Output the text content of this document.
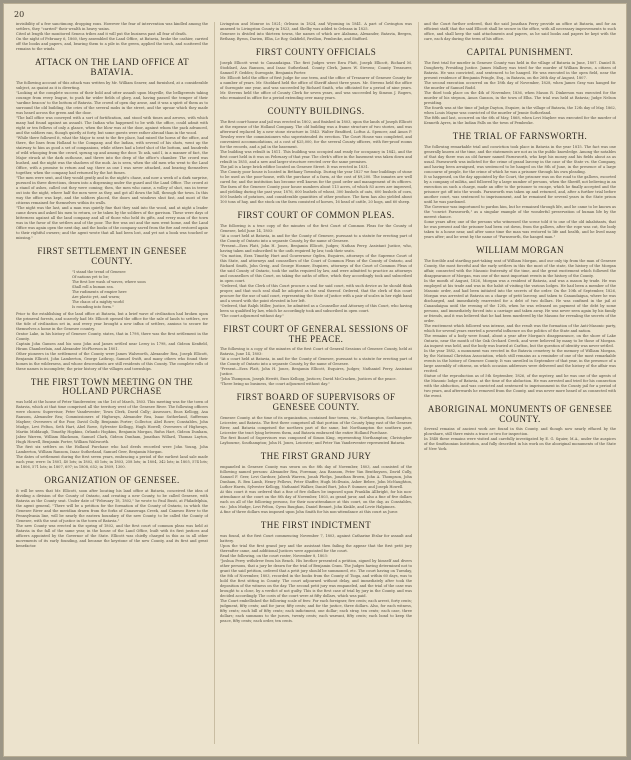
20

invisibility of a few sanctimony, dropping eons. However the fear of intervention was kindled among the settlers, they "carried" their wealth in heavy wains.

Cited at length the monitored Seneca tribes and it will put the business past all fear of death.

On the night of February 6, 1860, they assembled the Land Office, at Batavia, broke the cashier, carried off the books and papers, and, bearing them to a pile in the green, applied the torch, and scattered the remains to the winds.

ATTACK ON THE LAND OFFICE AT BATAVIA.

The following account of this attack was written by Mr. William Seaver, and furnished, at a considerable subject, as quaint as it is diverting.

"Looking at the complete success of their bold and utter assault upon Mayville, the belligerents taking courage from every league, to push far wider fields of glory, and, having passed the temper of their 'sardine beacon' to the bottom of Batavia. The crowd of open day arose, and it was a spirit of them as to surround the old building, the cries of the several mobs in the street, and the uproar which they made was heard across the green and the door.

"The ball office was conveyed with a sort of fortification, and stood with times and arrows, with which many had found against an assault. The Indian who happened to be with the office, could admit with eight or ten fellows of only a glance, when the blow was at the door, against whom the pack advanced, and the soldiers ran, though quietly at forty, but some guests were rather abroad than in the wood.

"While there followed it, what the Major to sent to the fire place, had raised the horns of the office, and there, the lines from Holland to the Company, and the Indian, with several of his shots, went up the stairway to him as good a set of companions, while others had a brief shot of the bottom, and hundreds of wild whooping from the crowd, sprung up and among the door. To ask, said I, in a manner of fact, the Major struck at the dark outhouse, and threw into the deep of the office's chamber. The crowd was hushed, and the night was the shadows of the mob. As is seen, when the old men who went to the Land Office, with a promise to return and say, there as one I was never attacked, and bearing themselves together, when the company had returned by the hot fumes.

"The men were sent, and they would gently and in the night's chase, and now a week of a dark surprise, pursued in three directions, drawn into a dispensing under the guard and the Land Office. The crowd at a stand of ashes, called out they were coming; then, the men who came, a volley of shot, ran in terror out into the night, where half the men were as they, and got all down the hill, through the town. In this way the office was kept, and the soldiers placed, the doors and windows shut fast, and most of the citizens remained for themselves within its walls.

"The night was the last, and a man was quietly fine that they said into the wood, and at night a leader came down and asked his men to return, or be taken by the soldiers of the garrison. These were days of bitterness against all the land company and all of those who held its gifts, and every man of the town was in the favor of the settlers and of the poor. The fire was out and the men went home, and the Land Office was again open the next day, and the books of the company saved from the fire and restored again to their rightful owners; and the agent wrote that all had been lost, and yet not a book was touched or missing."

FIRST SETTLEMENT IN GENESEE COUNTY.
"I stand the trend of Genesee
Of nations yet to be;
The first low wash of waves, where soon
Shall roll a human sea.
The rudiments of empire here
Are plastic yet, and warm;
The chaos of a mighty world
Is rounding into form."

Prior to the establishing of the land office at Batavia, but a brief wave of civilization had broken upon the primeval forests, and scarcely had Mr. Ellicott opened the office for the sale of lands to settlers, ere the tide of civilization set in, and every year brought a new influx of settlers, anxious to secure for themselves a home in the Genesee country.

Orator Lake, in his history of Genesee County, states, that in 1798, there was the first settlement in the County.

Captain John Gansen and his sons John and James settled near Leroy in 1798, and Gideon Kenfield, Hiram Chamberlain, and Alexander McPherson in 1801.

Other pioneers in the settlement of the County were James Walsworth, Alexander Rea, Joseph Ellicott, Benjamin Ellicott, John Lamberton, George Lathrop, Samuel Swift, and many others who found their homes in the wilderness, and whose descendants are still residents of this County. The complete rolls of these names is incomplete; the prior history of the villages and townships.

THE FIRST TOWN MEETING ON THE HOLLAND PURCHASE

was held at the house of Peter Vandeventer, on the 1st of March, 1803. This meeting was for the town of Batavia, which at that time comprised all the territory west of the Genesee River. The following officers were chosen: Supervisor, Peter Vandeventer; Town Clerk, David Cully; Assessors, Enos Kellogg, Asa Ransom, Alexander Rea; Commissioners of Highways, Alexander Rea, Isaac Sutherland, Suffrenus Maybee; Overseers of the Poor, David Cully, Benjamin Porter; Collector, Abel Rowe; Constables, John Mudge, Levi Felton, Seth Hart, Abel Rowe, Sylvester Kellogg, Hugh Howell; Overseers of Highways, Martin Middaugh, Timothy Hopkins, Orlando Hopkins, Benjamin Morgan, Rufus Hart, Gideon Dunham, Jabez Warren, William Blackmon, Samuel Clark, Gideon Dunham, Jonathan Willard, Thomas Layton, Hugh Howell, Benjamin Porter, William Walsworth.

The first six settlers on the Holland Purchase who had deeds recorded were John Young, John Lamberton, William Ransom, Isaac Sutherland, Samuel Geer, Benjamin Morgan.

The dates of settlement during the first seven years, embracing a period of the earliest land sale made each year, were: In 1801, 40 lots; in 1802, 65 lots; in 1803, 258 lots; in 1804, 342 lots; in 1805, 574 lots; in 1806, 571 lots; in 1807, 697; in 1808, 652; in 1809, 1300.

ORGANIZATION OF GENESEE.

It will be seen that Mr. Ellicott, soon after locating his land office at Batavia, conceived the idea of dividing a division of the County of Ontario, and creating a new County, to be called Genesee, with Batavia as the County seat. Under date of "February 18, 1802," he wrote to Paul Busti, at Philadelphia, the agent general, "There will be a petition for the formation of the County of Ontario, in which the Genesee River and the meridian drawn from the forks of Canaseraga Creek, and Caneseo River to the Pennsylvania line, will be nearly the eastern boundary of the new County, to be called the County of Genesee, with the seat of justice in the town of Batavia."

The new County was erected in the spring of 1802, and the first court of common pleas was held at Batavia in the fall of the same year, in the house of the Land Office, built with its first justices and officers appointed by the Governor of the State. Ellicott was chiefly charged in this as in all other movements of its early founding, and became the keystone of the new County, and its first and great benefactor.

Livingston and Monroe in 1821; Orleans in 1824, and Wyoming in 1841. A part of Covington was annexed to Livingston County in 1823, and Shelby was added to Orleans in 1825.

Genesee is divided into thirteen towns, the names of which are Alabama, Alexander, Batavia, Bergen, Bethany, Byron, Darien, Elba, Le Roy, Oakfield, Pavilion, Pembroke, and Stafford.

FIRST COUNTY OFFICIALS

Joseph Ellicott went to Canandaigua. The first Judges were Ezra Platt, Joseph Ellicott, Richard M. Stoddard, Asa Ransom, and Isaac Sutherland. County Clerk, James W. Stevens; County Treasurer, Samuel F. Geddes; Surrogate, Benjamin Porter.

Mr. Ellicott held the office of first Judge for one term, and the office of Treasurer of Genesee County for a number of years. Mr. Stoddard held the office of Sheriff about three years. Mr. Stevens held the office of Surrogate one year, and was succeeded by Richard Smith, who officiated for a period of nine years. Mr. Stevens held the office of County Clerk for seven years, and was succeeded by Simeon J. Rogers, who remained in office for a period extending over many years.

COUNTY BUILDINGS.

The first court-house and jail was erected in 1802, and finished in 1803, upon the lands of Joseph Ellicott at the expense of the Holland Company. The old building was a frame structure of two stories, and was afterward replaced by a new stone structure in 1843. Walter Bradford, Loftus A. Spencer, and Amos P. Towsley were the commissioners who superintended its erection. The Court House was completed, and convenient accommodations, at a cost of $25,000, for the several County officers, with fire-proof rooms for the records, and a jail in the basement.

The building was rebuilt in 1811. This building was occupied and ready for occupancy in 1842, and the first court held in it was on February of that year. The clerk's office in the basement was taken down and rebuilt in 1855, and a new and larger structure erected over the same premises.

The jail is a large brick edifice located on Genesee Street. It was erected in 1831.

The County poor house is located in Bethany Township. During the year 1827 we four buildings of stone to be used as the poor-house, with the purchase of a farm, at the cost of $9,200. The inmates are well cared for, and the institution has become well known for the good order and management of its officers. The farm of the Genesee County poor house numbers about 113 acres, of which 83 acres are improved, and yielding during the past year, 1876, 600 bushels of wheat, 300 bushels of oats, 600 bushels of corn, 500 bushels of potatoes, and considerable quantities of other produce. The farm has also yielded about 100 tons of hay, and the stock on the farm consisted of horses, 16 head of cattle, 20 hogs, and 60 sheep.

FIRST COURT OF COMMON PLEAS.

The following is a true copy of the minutes of the first Court of Common Pleas for the County of Genesee, held June 14, 1803:

"At a court held at Batavia, in and for the County of Genesee, pursuant to a statute for erecting part of the County of Ontario into a separate County, by the name of Genesee.

"Present—Ezra Platt, John H. Jones, Benjamin Ellicott, Judges; Nathan Perry, Assistant Justice, who, having taken and subscribed to the oath required by law, took their seats.

"On motion, Ezra Timothy Hurt and Gouverneur Ogden, Esquires, attorneys of the Supreme Court of this State, and attorneys and counsellors of the Court of Common Pleas of the County of Ontario, and Richard Smith, John Greig, and George Hosmer, Esquires, attorneys of the Court of Common Pleas of the said County of Ontario, took the oaths required by law, and were admitted to practice as attorneys and counsellors of this Court, on taking the oaths of office, which they accordingly took and subscribed in open court.

"Ordered, that the Clerk of this Court procure a seal for said court, with such device as he should think proper, and that such seal shall be adopted as the seal thereof. Ordered, that the clerk of this court procure for the use of said court, representing the State of Justice with a pair of scales in her right hand and a sword with the point elevated in her left.

"Ordered, that Ralph Miller, Justice, be admitted as a Counsellor and Attorney of this Court, who having been so qualified by law, which he accordingly took and subscribed in open court.

"The court adjourned without day."

FIRST COURT OF GENERAL SESSIONS OF THE PEACE.

The following is a copy of the minutes of the first Court of General Sessions of Genesee County, held at Batavia, June 14, 1803:

"At a court held at Batavia, in and for the County of Genesee, pursuant to a statute for erecting part of the County of Ontario into a separate County, by the name of Genesee.

"Present—Ezra Platt, John H. Jones, Benjamin Ellicott, Esquires, Judges; Nathaniel Perry, Assistant Justice.

"John Thompson, Joseph Hewitt, Enos Kellogg, Justices; David McCracken, Justices of the peace.

"There being no business, the court adjourned without day."

FIRST BOARD OF SUPERVISORS OF GENESEE COUNTY.

Genesee County, at the time of its organization, contained four towns, viz., Northampton, Southampton, Leicester, and Batavia. The first three comprised all that portion of the County lying east of the Genesee River, and Batavia comprised the northern part of the same, but Northampton the southern part, Leicester the tract lying between them, and Batavia embraced the entire Holland Purchase.

The first Board of Supervisors was composed of Simon King, representing Northampton; Christopher Laybourne, Southampton; John H. Jones, Leicester; and Peter Van Vanderventer represented Batavia.

THE FIRST GRAND JURY

empaneled in Genesee County was sworn on the 8th day of November, 1803, and consisted of the following named persons: Alexander Rea, Foreman; Asa Ransom, Peter Van Benthuysen, David Cully, Samuel F. Geer, Levi Gardner, Jabesh Warren, Jonah Phelps, Jonathan Brown, John A. Thompson, John Dunham, R. Ben Lamb, Henry Fellows, Peter Shaffer, Hugh McIlwain, Asher Bebee, John McNaughton, Luther Harris, Sylvester Kellogg, Nathaniel Walker, Daniel Burt, John P. Sumner, and Joseph Howell.

At this court it was ordered that a fine of five dollars be imposed upon Franklin Allbright, for his non-attendance at the court on the 8th day of November, 1803, as grand juror, and also a fine of five dollars each on all of the following persons, for their non-attendance at this court, on the day, as Constables, viz.: John Mudge, Levi Felton, Cyrus Baughan, Daniel Bennet, John Kinkle, and Levie Halpinnes.

A fine of three dollars was imposed upon John Smith for his non-attendance at this court as Juror.

THE FIRST INDICTMENT

was found, at the first Court commencing November 7, 1803, against Catharine Etslar for assault and battery.

Upon the trial the first grand jury and the assistant then failing the appear that the first petit jury thereafter came, and additional Justices were appointed for the court.

Read the following, on the court roster, November 8, 1803:

"Joshua Perry withdrew from his Bench. His brother presented a petition, signed by himself and divers other persons, that a jury be drawn for the trial of Benjamin Cram. The Judges having determined not to grant the said petition, ordered that a petit jury should be summoned, etc. The court having on Tuesday, the 8th of November, 1803, recorded in the books from the County of Tioga, and within 60 days, was to hold the first sitting in County. The court adjourned without delay, and immediately after took the deposition of the witness on the day. The second petit jury was empaneled, and the trial of the case was brought to a close, by a verdict of not guilty. This is the first case of trial by jury in the County, and was decided accordingly. The costs of the court were at fifty dollars, which was paid.

The Court embellished the following scale of fees: For each foreigner, five cents; each arrest, forty cents; judgment, fifty cents; and for juror, fifty cents; and for the justice, three dollars. Also, for each witness, fifty cents; each bill of fifty cents; each indictment, one dollar; each stray, ten cents; each case, three dollars; each summons to the jurors, twenty cents; each warrant, fifty cents; each bond to keep the peace, fifty cents; each order, ten cents.

and the Court further ordered, that the said Jonathan Perry provide an office at Batavia, and for an efficient staff, that the said Ellicott shall be secure in the office, with all necessary improvements to such office, and shall keep the said attachments and papers, as he said books and papers be kept with the care, each day during the term of his office.

CAPITAL PUNISHMENT.

The first trial for murder in Genesee County was held in the village of Batavia in June, 1807. Daniel B. Dougherty, Presiding Justice. James Mallory was tried for the murder of William Brown, a citizen of Batavia. He was convicted, and sentenced to be hanged. He was executed in the open field, near the present residence of Benjamin Pringle, Esq., in Batavia, on the 26th day of August, 1807.

The second execution occurred on the 18th day of November, 1828, when James Gray was hanged for the murder of Samuel Rudd.

The third took place on the 4th of November, 1836, when Mason R. Dinkerson was executed for the murder of his stepson, Amos Ganson, in the town of Elba. The trial was held at Batavia; Judge Nelson presiding.

The fourth was at the time of Judge Dayton, Esquire, in the village of Batavia, the 12th day of May, 1862, when Louis Mayne was convicted of the murder of Jennie Sutherland.

The fifth and last, occurred on the 6th of May, 1868, when Levi Maybee was executed for the murder of Kenneth Ayres, in the Indian Falls on the town of Pembroke.

THE TRIAL OF FARNSWORTH.

The following remarkable trial and conviction took place in Batavia in the year 1815. The fact was one generally known at the time, and the statements are not as in the public knowledge. Among the notables of that day there was an old farmer named Farnsworth, who kept his money and his fields about as as usual. Farnsworth was indicted for the crime of grand larceny in the case of the State vs. the Company, and having been arraigned, was sentenced to be hanged on the 8th of June, in the presence of a large concourse of people, for the crime of which he was a prisoner through his own pleading.

It so happened, on the day appointed by the Court, the prisoner was on the road to the gallows, escorted by a company of militia, and followed by a large number of persons, when the Sheriff, not believing in an execution on such a charge, made an offer to the prisoner to escape, which he finally accepted and the prisoner got off into the woods. Farnsworth was taken up and returned, and, after a further trial before another court, was sentenced to imprisonment, and he remained for several years in the State prison until he was pardoned.

The Governor was importuned to pardon him, but he remained through life, and he came to be known as the "convict Farnsworth," as a singular example of the wonderful preservation of human life by the merest chance.

Some years after, one of the persons who witnessed the scene told it to one of the old inhabitants, that he was present and the prisoner had been cut down, from the gallows, after the rope was cut, the body taken to a house near, and after some time the man was restored to life and health, and he lived many years after; and he went by the name of "Farnsworth, the hanged man."

WILLIAM MORGAN

The forcible and startling part-taking seat of William Morgan, and our only tip from the man of Genesee County, the most forceful and the early settlers in this the most of the state, the history of the Morgan affair, connected with the Masonic fraternity of the time, and the great excitement which followed the disappearance of Morgan, was one of the most important events in the history of the County.

In the month of August, 1826, Morgan was a resident of Batavia, and was a mason by trade. He was employed at his trade and was in the habit of visiting the various lodges. He had been a member of the Masonic order, and had been initiated into the secrets of the order. On the 10th of September, 1826, Morgan was arrested at Batavia on a charge of petit larceny, and taken to Canandaigua, where he was discharged, and immediately rearrested for a debt of two dollars. He was confined in the jail at Canandaigua until the evening of the 12th, when he was released on payment of the debt by some persons, and immediately forced into a carriage and taken away. He was never seen again by his family or friends, and it was believed that he had been murdered by the Masons for revealing the secrets of the order.

The excitement which followed was intense, and the result was the formation of the Anti-Masonic party, which for several years exerted a powerful influence on the politics of the State and nation.

The remains of a body were found, about a year after Morgan's disappearance, on the shore of Lake Ontario, near the mouth of the Oak Orchard Creek, and were believed by many to be those of Morgan. An inquest was held, and the body was buried at Carlton, but the question of identity was never settled.

In the year 1882, a monument was erected in the Batavia cemetery to the memory of William Morgan, by the National Christian Association, which still remains as a reminder of one of the most remarkable events in the history of Genesee County. It was unveiled in September of that year, in the presence of a large assembly of citizens, on which occasion addresses were delivered and the history of the affair was recited.

Statue of the reproduction as of 5th September, 1826, of the mystery, and he was one of the agents of the Masonic lodge of Batavia, at the time of the abduction. He was arrested and tried for his connection with the abduction, and was convicted and sentenced to imprisonment in the County jail for a period of two years, and afterwards he removed from the County, and was never more heard of as connected with the event.

ABORIGINAL MONUMENTS OF GENESEE COUNTY.

Several remains of ancient work are found in this County, and though now nearly effaced by the plowshare, still there exists a trace or two for inspection.

In 1848 these remains were visited and carefully investigated by E. G. Squier, M.A., under the auspices of the Smithsonian Institution, and fully described in his work on the aboriginal monuments of the State of New York.
